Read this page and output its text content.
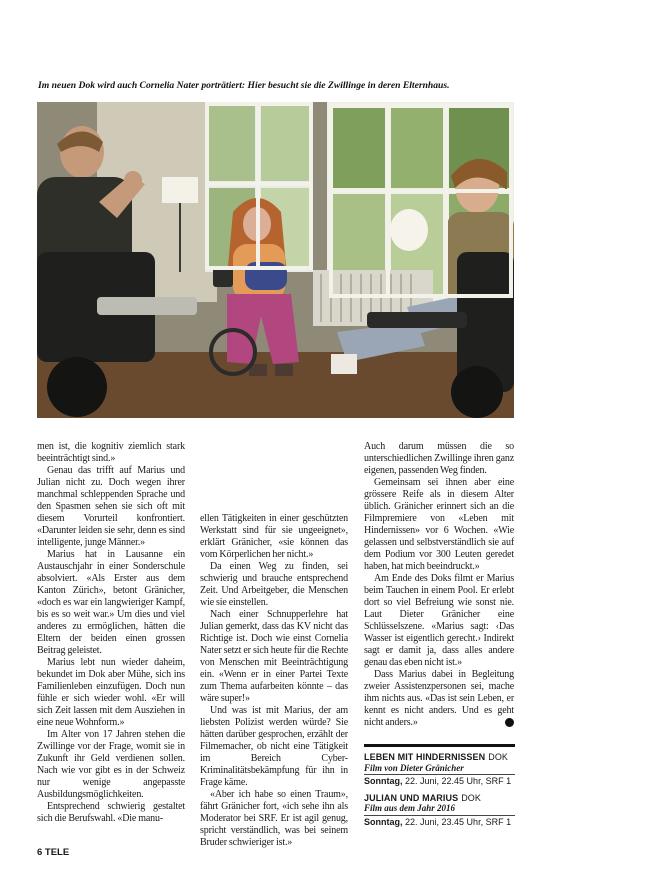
Im neuen Dok wird auch Cornelia Nater porträtiert: Hier besucht sie die Zwillinge in deren Elternhaus.

men ist, die kognitiv ziemlich stark beeinträchtigt sind.»

Genau das trifft auf Marius und Julian nicht zu. Doch wegen ihrer manchmal schleppenden Sprache und den Spasmen sehen sie sich oft mit diesem Vorurteil konfrontiert. «Darunter leiden sie sehr, denn es sind intelligente, junge Männer.»

Marius hat in Lausanne ein Austauschjahr in einer Sonderschule absolviert. «Als Erster aus dem Kanton Zürich», betont Gränicher, «doch es war ein langwieriger Kampf, bis es so weit war.» Um dies und viel anderes zu ermöglichen, hätten die Eltern der beiden einen grossen Beitrag geleistet.

Marius lebt nun wieder daheim, bekundet im Dok aber Mühe, sich ins Familienleben einzufügen. Doch nun fühle er sich wieder wohl. «Er will sich Zeit lassen mit dem Ausziehen in eine neue Wohnform.»

Im Alter von 17 Jahren stehen die Zwillinge vor der Frage, womit sie in Zukunft ihr Geld verdienen sollen. Nach wie vor gibt es in der Schweiz nur wenige angepasste Ausbildungsmöglichkeiten.

Entsprechend schwierig gestaltet sich die Berufswahl. «Die manu-

ellen Tätigkeiten in einer geschützten Werkstatt sind für sie ungeeignet», erklärt Gränicher, «sie können das vom Körperlichen her nicht.»

Da einen Weg zu finden, sei schwierig und brauche entsprechend Zeit. Und Arbeitgeber, die Menschen wie sie einstellen.

Nach einer Schnupperlehre hat Julian gemerkt, dass das KV nicht das Richtige ist. Doch wie einst Cornelia Nater setzt er sich heute für die Rechte von Menschen mit Beeinträchtigung ein. «Wenn er in einer Partei Texte zum Thema aufarbeiten könnte – das wäre super!»

Und was ist mit Marius, der am liebsten Polizist werden würde? Sie hätten darüber gesprochen, erzählt der Filmemacher, ob nicht eine Tätigkeit im Bereich Cyber-Kriminalitätsbekämpfung für ihn in Frage käme.

«Aber ich habe so einen Traum», fährt Gränicher fort, «ich sehe ihn als Moderator bei SRF. Er ist agil genug, spricht verständlich, was bei seinem Bruder schwieriger ist.»

Auch darum müssen die so unterschiedlichen Zwillinge ihren ganz eigenen, passenden Weg finden.

Gemeinsam sei ihnen aber eine grössere Reife als in diesem Alter üblich. Gränicher erinnert sich an die Filmpremiere von «Leben mit Hindernissen» vor 6 Wochen. «Wie gelassen und selbstverständlich sie auf dem Podium vor 300 Leuten geredet haben, hat mich beeindruckt.»

Am Ende des Doks filmt er Marius beim Tauchen in einem Pool. Er erlebt dort so viel Befreiung wie sonst nie. Laut Dieter Gränicher eine Schlüsselszene. «Marius sagt: ‹Das Wasser ist eigentlich gerecht.› Indirekt sagt er damit ja, dass alles andere genau das eben nicht ist.»

Dass Marius dabei in Begleitung zweier Assistenzpersonen sei, mache ihm nichts aus. «Das ist sein Leben, er kennt es nicht anders. Und es geht nicht anders.»	T

LEBEN MIT HINDERNISSEN DOK
Film von Dieter Gränicher
Sonntag, 22. Juni, 22.45 Uhr, SRF 1
JULIAN UND MARIUS DOK
Film aus dem Jahr 2016
Sonntag, 22. Juni, 23.45 Uhr, SRF 1
6 TELE
